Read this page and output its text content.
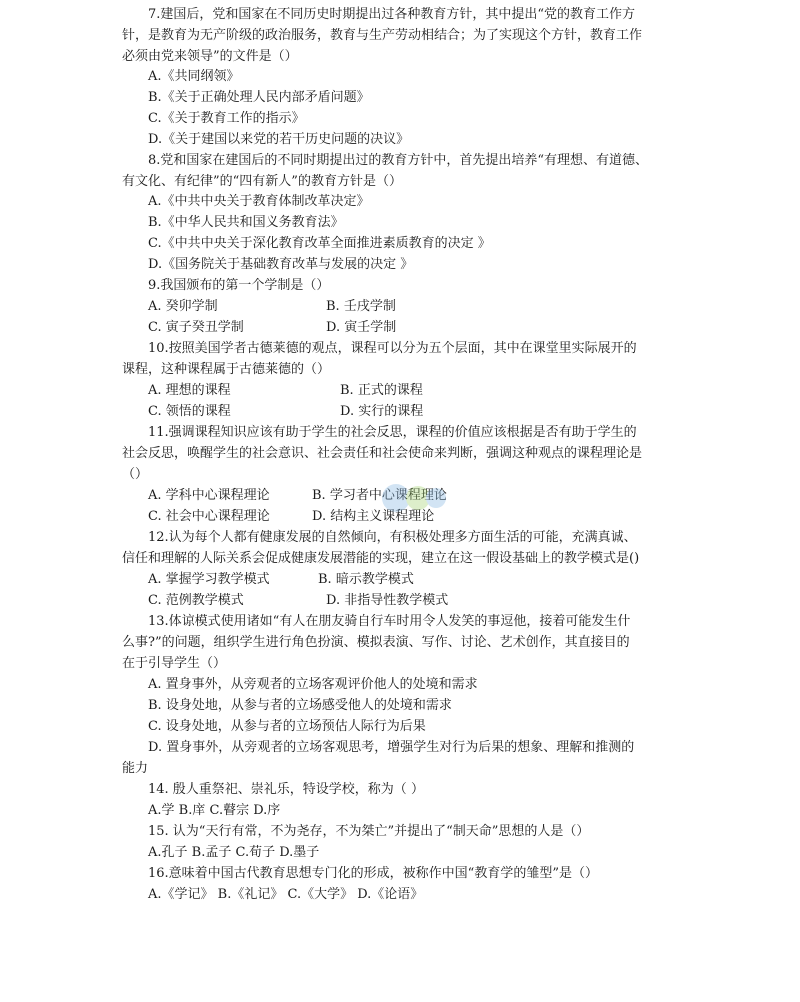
7.建国后，党和国家在不同历史时期提出过各种教育方针，其中提出“党的教育工作方
针，是教育为无产阶级的政治服务，教育与生产劳动相结合；为了实现这个方针，教育工作
必须由党来领导”的文件是（）
A.《共同纲领》
B.《关于正确处理人民内部矛盾问题》
C.《关于教育工作的指示》
D.《关于建国以来党的若干历史问题的决议》
8.党和国家在建国后的不同时期提出过的教育方针中，首先提出培养“有理想、有道德、
有文化、有纪律”的“四有新人”的教育方针是（）
A.《中共中央关于教育体制改革决定》
B.《中华人民共和国义务教育法》
C.《中共中央关于深化教育改革全面推进素质教育的决定 》
D.《国务院关于基础教育改革与发展的决定 》
9.我国颁布的第一个学制是（）
A. 癸卯学制	B. 壬戌学制
C. 寅子癸丑学制	D. 寅壬学制
10.按照美国学者古德莱德的观点，课程可以分为五个层面，其中在课堂里实际展开的
课程，这种课程属于古德莱德的（）
A. 理想的课程	B. 正式的课程
C. 领悟的课程	D. 实行的课程
11.强调课程知识应该有助于学生的社会反思，课程的价值应该根据是否有助于学生的
社会反思，唤醒学生的社会意识、社会责任和社会使命来判断，强调这种观点的课程理论是
（）
A. 学科中心课程理论	B. 学习者中心课程理论
C. 社会中心课程理论	D. 结构主义课程理论
12.认为每个人都有健康发展的自然倾向，有积极处理多方面生活的可能，充满真诚、
信任和理解的人际关系会促成健康发展潜能的实现，建立在这一假设基础上的教学模式是()
A. 掌握学习教学模式	B. 暗示教学模式
C. 范例教学模式	D. 非指导性教学模式
13.体谅模式使用诸如“有人在朋友骑自行车时用令人发笑的事逗他，接着可能发生什
么事?”的问题，组织学生进行角色扮演、模拟表演、写作、讨论、艺术创作，其直接目的
在于引导学生（）
A. 置身事外，从旁观者的立场客观评价他人的处境和需求
B. 设身处地，从参与者的立场感受他人的处境和需求
C. 设身处地，从参与者的立场预估人际行为后果
D. 置身事外，从旁观者的立场客观思考，增强学生对行为后果的想象、理解和推测的
能力
14. 殷人重祭祀、崇礼乐，特设学校，称为（ ）
A.学 B.庠 C.瞽宗 D.序
15. 认为“天行有常，不为尧存，不为桀亡”并提出了“制天命”思想的人是（）
A.孔子 B.孟子 C.荀子 D.墨子
16.意味着中国古代教育思想专门化的形成，被称作中国“教育学的雏型”是（）
A.《学记》 B.《礼记》 C.《大学》 D.《论语》
